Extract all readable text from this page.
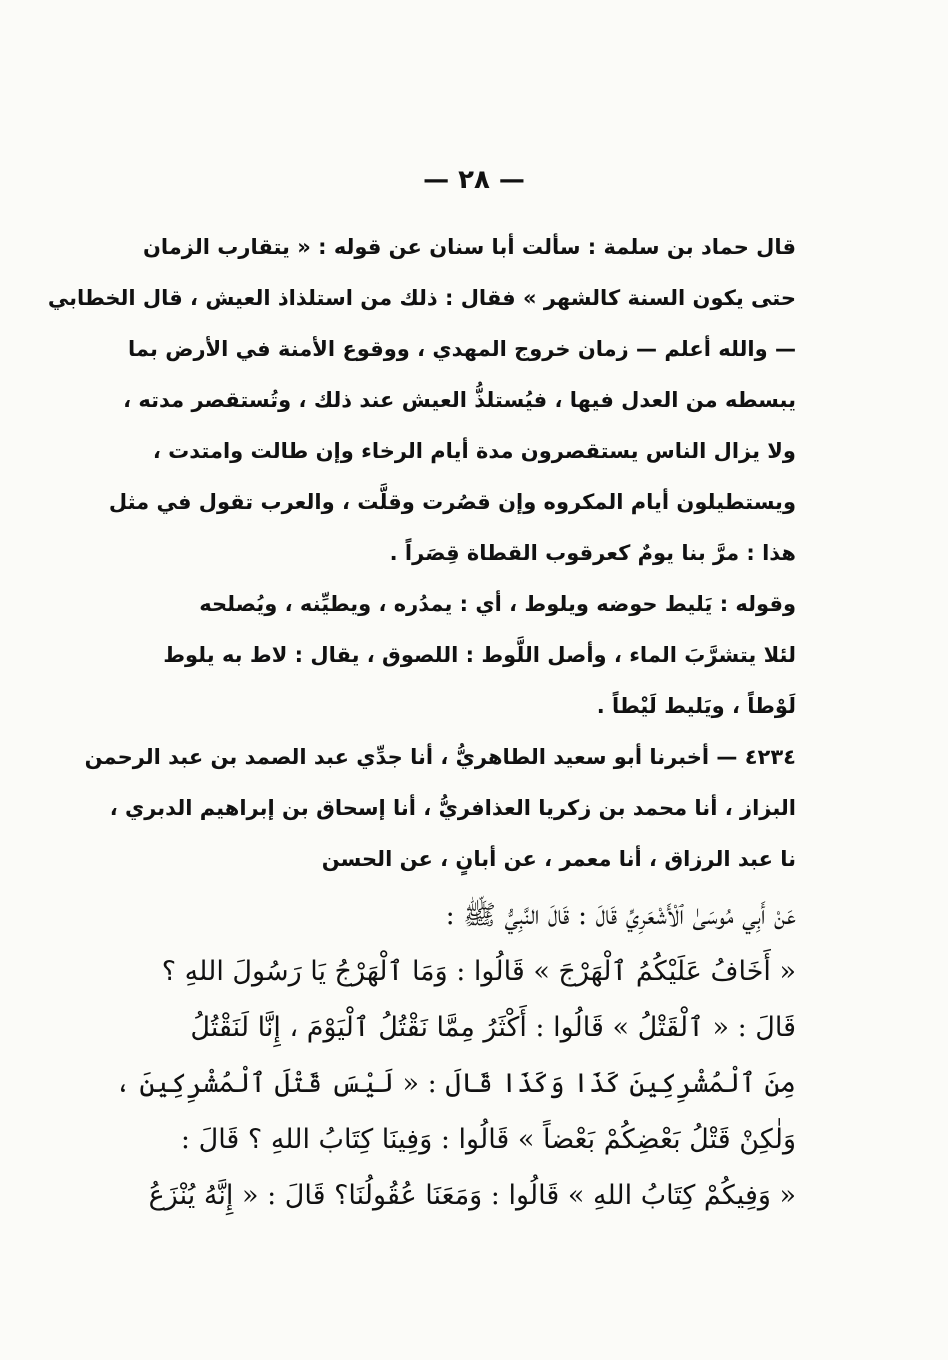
— ٢٨ —
قال حماد بن سلمة : سألت أبا سنان عن قوله : « يتقارب الزمان
حتى يكون السنة كالشهر » فقال : ذلك من استلذاذ العيش ، قال الخطابي
— والله أعلم — زمان خروج المهدي ، ووقوع الأمنة في الأرض بما
يبسطه من العدل فيها ، فيُستلذُّ العيش عند ذلك ، وتُستقصر مدته ،
ولا يزال الناس يستقصرون مدة أيام الرخاء وإن طالت وامتدت ،
ويستطيلون أيام المكروه وإن قصُرت وقلَّت ، والعرب تقول في مثل
هذا : مرَّ بنا يومٌ كعرقوب القطاة قِصَراً .
وقوله : يَليط حوضه ويلوط ، أي : يمدُره ، ويطيِّنه ، ويُصلحه
لئلا يتشرَّبَ الماء ، وأصل اللَّوط : اللصوق ، يقال : لاط به يلوط
لَوْطاً ، ويَليط لَيْطاً .
٤٢٣٤ — أخبرنا أبو سعيد الطاهريُّ ، أنا جدِّي عبد الصمد بن عبد الرحمن
البزاز ، أنا محمد بن زكريا العذافريُّ ، أنا إسحاق بن إبراهيم الدبري ،
نا عبد الرزاق ، أنا معمر ، عن أبانٍ ، عن الحسن
عَنْ أَبِي مُوسَىٰ ٱلْأَشْعَرِيِّ قَالَ : قَالَ النَّبِيُّ ﷺ :
« أَخَافُ عَلَيْكُمُ ٱلْهَرْجَ » قَالُوا : وَمَا ٱلْهَرْجُ يَا رَسُولَ اللهِ ؟
قَالَ : « ٱلْقَتْلُ » قَالُوا : أَكْثَرُ مِمَّا نَقْتُلُ ٱلْيَوْمَ ، إِنَّا لَنَقْتُلُ
مِنَ ٱلْمُشْرِكِينَ كَذَا وَكَذَا قَالَ : « لَيْسَ قَتْلَ ٱلْمُشْرِكِينَ ،
وَلٰكِنْ قَتْلُ بَعْضِكُمْ بَعْضاً » قَالُوا : وَفِينَا كِتَابُ اللهِ ؟ قَالَ :
« وَفِيكُمْ كِتَابُ اللهِ » قَالُوا : وَمَعَنَا عُقُولُنَا؟ قَالَ : « إِنَّهُ يُنْزَعُ
